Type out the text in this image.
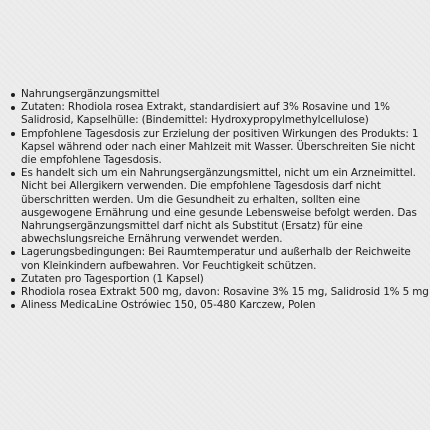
Nahrungsergänzungsmittel
Zutaten: Rhodiola rosea Extrakt, standardisiert auf 3% Rosavine und 1% Salidrosid, Kapselhülle: (Bindemittel: Hydroxypropylmethylcellulose)
Empfohlene Tagesdosis zur Erzielung der positiven Wirkungen des Produkts: 1 Kapsel während oder nach einer Mahlzeit mit Wasser. Überschreiten Sie nicht die empfohlene Tagesdosis.
Es handelt sich um ein Nahrungsergänzungsmittel, nicht um ein Arzneimittel. Nicht bei Allergikern verwenden. Die empfohlene Tagesdosis darf nicht überschritten werden. Um die Gesundheit zu erhalten, sollten eine ausgewogene Ernährung und eine gesunde Lebensweise befolgt werden. Das Nahrungsergänzungsmittel darf nicht als Substitut (Ersatz) für eine abwechslungsreiche Ernährung verwendet werden.
Lagerungsbedingungen: Bei Raumtemperatur und außerhalb der Reichweite von Kleinkindern aufbewahren. Vor Feuchtigkeit schützen.
Zutaten pro Tagesportion (1 Kapsel)
Rhodiola rosea Extrakt 500 mg, davon: Rosavine 3% 15 mg, Salidrosid 1% 5 mg
Aliness MedicaLine Ostrówiec 150, 05-480 Karczew, Polen
